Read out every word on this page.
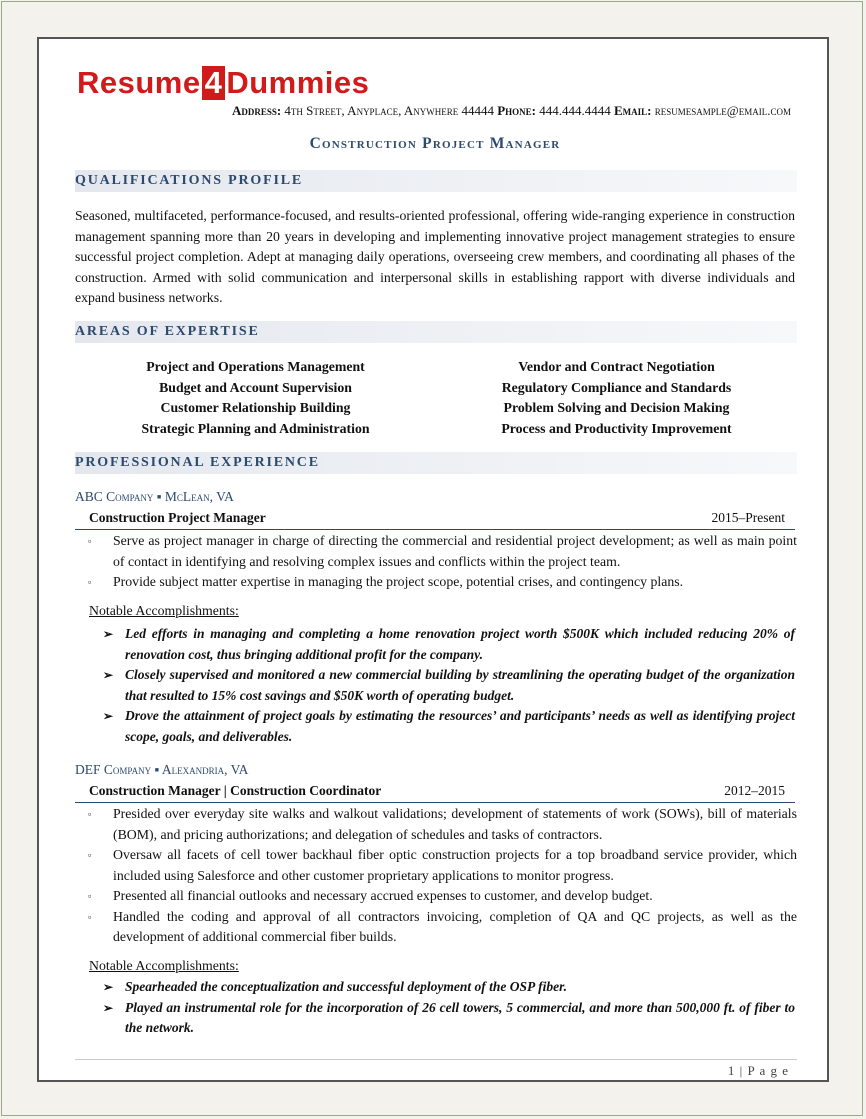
Resume 4 Dummies
Address: 4th Street, Anyplace, Anywhere 44444 Phone: 444.444.4444 Email: resumesample@email.com
Construction Project Manager
QUALIFICATIONS PROFILE
Seasoned, multifaceted, performance-focused, and results-oriented professional, offering wide-ranging experience in construction management spanning more than 20 years in developing and implementing innovative project management strategies to ensure successful project completion. Adept at managing daily operations, overseeing crew members, and coordinating all phases of the construction. Armed with solid communication and interpersonal skills in establishing rapport with diverse individuals and expand business networks.
AREAS OF EXPERTISE
Project and Operations Management
Budget and Account Supervision
Customer Relationship Building
Strategic Planning and Administration
Vendor and Contract Negotiation
Regulatory Compliance and Standards
Problem Solving and Decision Making
Process and Productivity Improvement
PROFESSIONAL EXPERIENCE
ABC Company ▪ McLean, VA
Construction Project Manager	2015–Present
▫ Serve as project manager in charge of directing the commercial and residential project development; as well as main point of contact in identifying and resolving complex issues and conflicts within the project team.
▫ Provide subject matter expertise in managing the project scope, potential crises, and contingency plans.
Notable Accomplishments:
➢ Led efforts in managing and completing a home renovation project worth $500K which included reducing 20% of renovation cost, thus bringing additional profit for the company.
➢ Closely supervised and monitored a new commercial building by streamlining the operating budget of the organization that resulted to 15% cost savings and $50K worth of operating budget.
➢ Drove the attainment of project goals by estimating the resources’ and participants’ needs as well as identifying project scope, goals, and deliverables.
DEF Company ▪ Alexandria, VA
Construction Manager | Construction Coordinator	2012–2015
▫ Presided over everyday site walks and walkout validations; development of statements of work (SOWs), bill of materials (BOM), and pricing authorizations; and delegation of schedules and tasks of contractors.
▫ Oversaw all facets of cell tower backhaul fiber optic construction projects for a top broadband service provider, which included using Salesforce and other customer proprietary applications to monitor progress.
▫ Presented all financial outlooks and necessary accrued expenses to customer, and develop budget.
▫ Handled the coding and approval of all contractors invoicing, completion of QA and QC projects, as well as the development of additional commercial fiber builds.
Notable Accomplishments:
➢ Spearheaded the conceptualization and successful deployment of the OSP fiber.
➢ Played an instrumental role for the incorporation of 26 cell towers, 5 commercial, and more than 500,000 ft. of fiber to the network.
1 | P a g e
